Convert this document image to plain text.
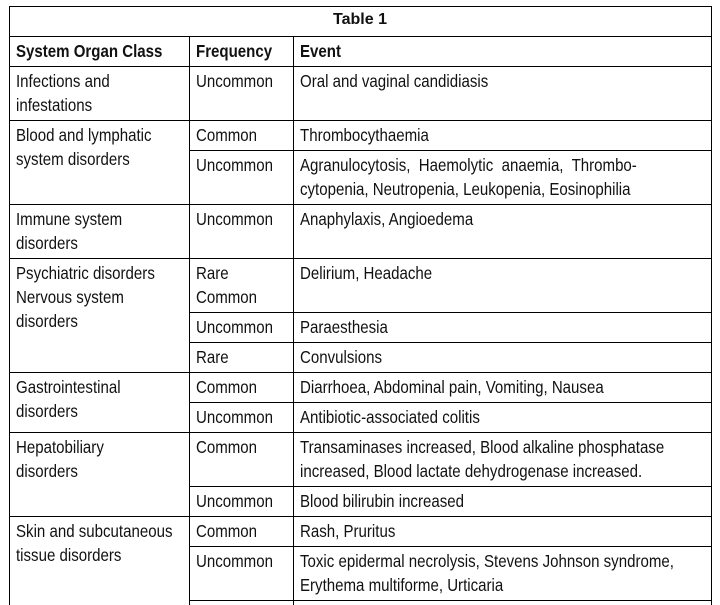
Table 1
System Organ Class Frequency Event
Infections and
infestations
Uncommon Oral and vaginal candidiasis
Blood and lymphatic
system disorders
Common Thrombocythaemia
Uncommon Agranulocytosis,  Haemolytic  anaemia,  Thrombo-
cytopenia, Neutropenia, Leukopenia, Eosinophilia
Immune system
disorders
Uncommon Anaphylaxis, Angioedema
Psychiatric disorders
Nervous system
disorders
Rare
Common
Delirium, Headache
Uncommon Paraesthesia
Rare	Convulsions
Gastrointestinal
disorders
Common Diarrhoea, Abdominal pain, Vomiting, Nausea
Uncommon Antibiotic-associated colitis
Hepatobiliary
disorders
Common Transaminases increased, Blood alkaline phosphatase
increased, Blood lactate dehydrogenase increased.
Uncommon Blood bilirubin increased
Skin and subcutaneous
tissue disorders
Common Rash, Pruritus
Uncommon Toxic epidermal necrolysis, Stevens Johnson syndrome,
Erythema multiforme, Urticaria
